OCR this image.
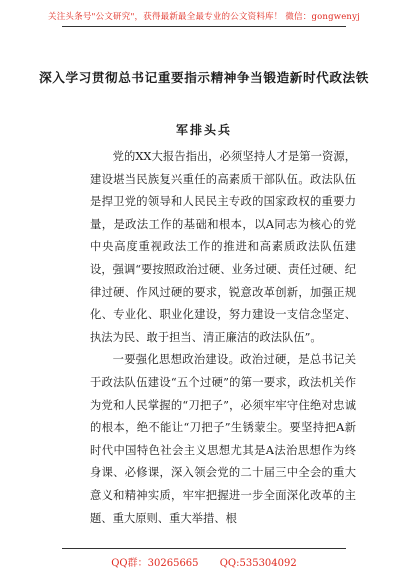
关注头条号"公文研究"，获得最新最全最专业的公文资料库！ 微信：gongwenyj
深入学习贯彻总书记重要指示精神争当锻造新时代政法铁
军排头兵

党的XX大报告指出，必须坚持人才是第一资源，建设堪当民族复兴重任的高素质干部队伍。政法队伍是捍卫党的领导和人民民主专政的国家政权的重要力量，是政法工作的基础和根本，以A同志为核心的党中央高度重视政法工作的推进和高素质政法队伍建设，强调“要按照政治过硬、业务过硬、责任过硬、纪律过硬、作风过硬的要求，锐意改革创新，加强正规化、专业化、职业化建设，努力建设一支信念坚定、执法为民、敢于担当、清正廉洁的政法队伍”。

一要强化思想政治建设。政治过硬，是总书记关于政法队伍建设“五个过硬”的第一要求，政法机关作为党和人民掌握的“刀把子”，必须牢牢守住绝对忠诚的根本，绝不能让“刀把子”生锈蒙尘。要坚持把A新时代中国特色社会主义思想尤其是A法治思想作为终身课、必修课，深入领会党的二十届三中全会的重大意义和精神实质，牢牢把握进一步全面深化改革的主题、重大原则、重大举措、根

QQ群：30265665 QQ:535304092
